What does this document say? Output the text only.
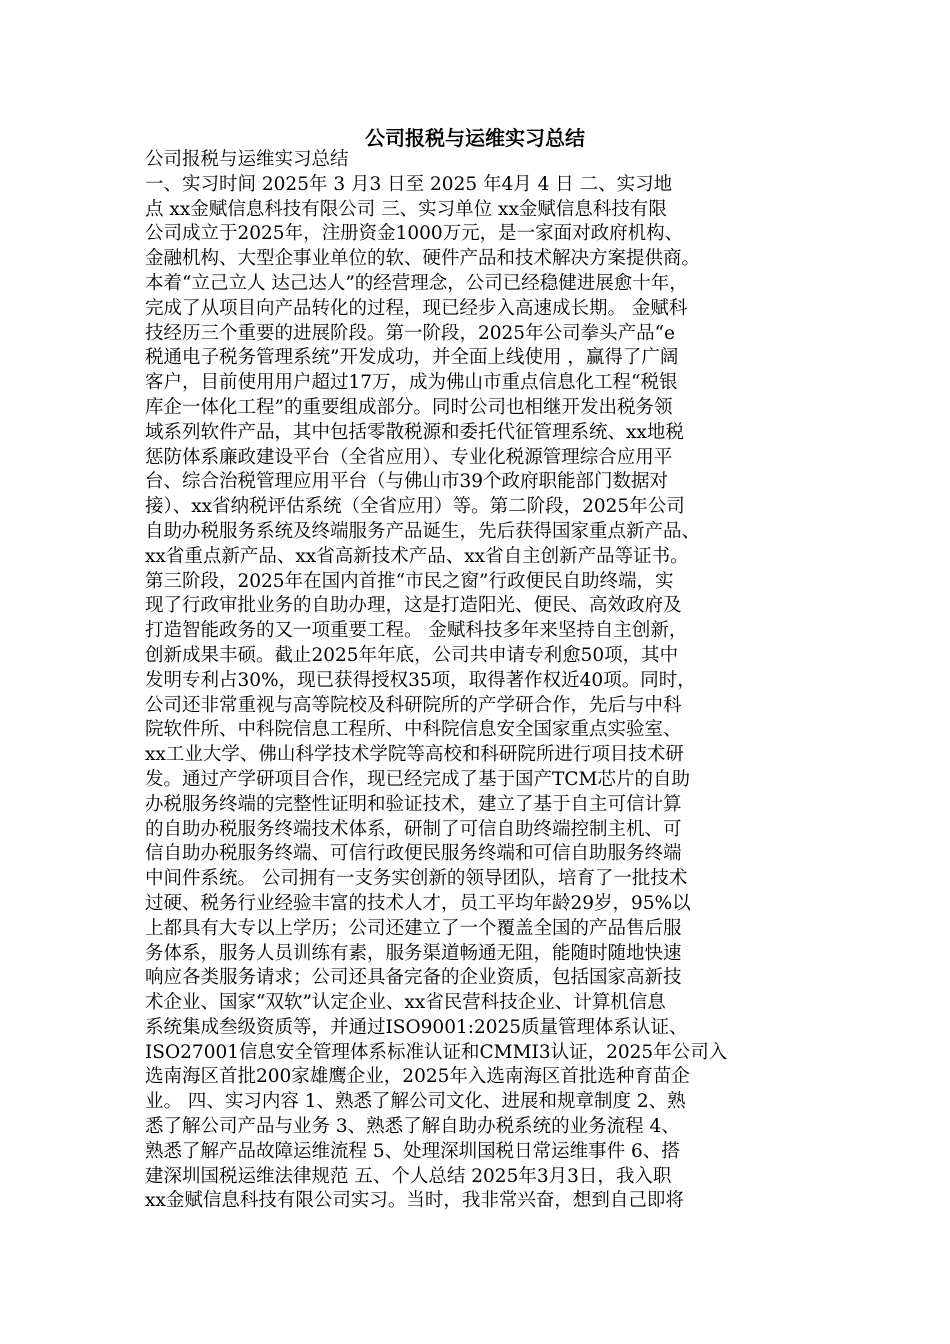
公司报税与运维实习总结
公司报税与运维实习总结
一、实习时间 2025年 3 月3 日至 2025 年4月 4 日 二、实习地
点 xx金赋信息科技有限公司 三、实习单位 xx金赋信息科技有限
公司成立于2025年，注册资金1000万元，是一家面对政府机构、
金融机构、大型企事业单位的软、硬件产品和技术解决方案提供商。
本着“立己立人 达己达人”的经营理念，公司已经稳健进展愈十年，
完成了从项目向产品转化的过程，现已经步入高速成长期。 金赋科
技经历三个重要的进展阶段。第一阶段，2025年公司拳头产品“e
税通电子税务管理系统”开发成功，并全面上线使用 ，赢得了广阔
客户，目前使用用户超过17万，成为佛山市重点信息化工程“税银
库企一体化工程”的重要组成部分。同时公司也相继开发出税务领
域系列软件产品，其中包括零散税源和委托代征管理系统、xx地税
惩防体系廉政建设平台（全省应用）、专业化税源管理综合应用平
台、综合治税管理应用平台（与佛山市39个政府职能部门数据对
接）、xx省纳税评估系统（全省应用）等。第二阶段，2025年公司
自助办税服务系统及终端服务产品诞生，先后获得国家重点新产品、
xx省重点新产品、xx省高新技术产品、xx省自主创新产品等证书。
第三阶段，2025年在国内首推“市民之窗”行政便民自助终端，实
现了行政审批业务的自助办理，这是打造阳光、便民、高效政府及
打造智能政务的又一项重要工程。 金赋科技多年来坚持自主创新，
创新成果丰硕。截止2025年年底，公司共申请专利愈50项，其中
发明专利占30%，现已获得授权35项，取得著作权近40项。同时，
公司还非常重视与高等院校及科研院所的产学研合作，先后与中科
院软件所、中科院信息工程所、中科院信息安全国家重点实验室、
xx工业大学、佛山科学技术学院等高校和科研院所进行项目技术研
发。通过产学研项目合作，现已经完成了基于国产TCM芯片的自助
办税服务终端的完整性证明和验证技术，建立了基于自主可信计算
的自助办税服务终端技术体系，研制了可信自助终端控制主机、可
信自助办税服务终端、可信行政便民服务终端和可信自助服务终端
中间件系统。 公司拥有一支务实创新的领导团队，培育了一批技术
过硬、税务行业经验丰富的技术人才，员工平均年龄29岁，95%以
上都具有大专以上学历；公司还建立了一个覆盖全国的产品售后服
务体系，服务人员训练有素，服务渠道畅通无阻，能随时随地快速
响应各类服务请求；公司还具备完备的企业资质，包括国家高新技
术企业、国家“双软”认定企业、xx省民营科技企业、计算机信息
系统集成叁级资质等，并通过ISO9001:2025质量管理体系认证、
ISO27001信息安全管理体系标准认证和CMMI3认证，2025年公司入
选南海区首批200家雄鹰企业，2025年入选南海区首批选种育苗企
业。 四、实习内容 1、熟悉了解公司文化、进展和规章制度 2、熟
悉了解公司产品与业务 3、熟悉了解自助办税系统的业务流程 4、
熟悉了解产品故障运维流程 5、处理深圳国税日常运维事件 6、搭
建深圳国税运维法律规范 五、个人总结 2025年3月3日，我入职
xx金赋信息科技有限公司实习。当时，我非常兴奋，想到自己即将
